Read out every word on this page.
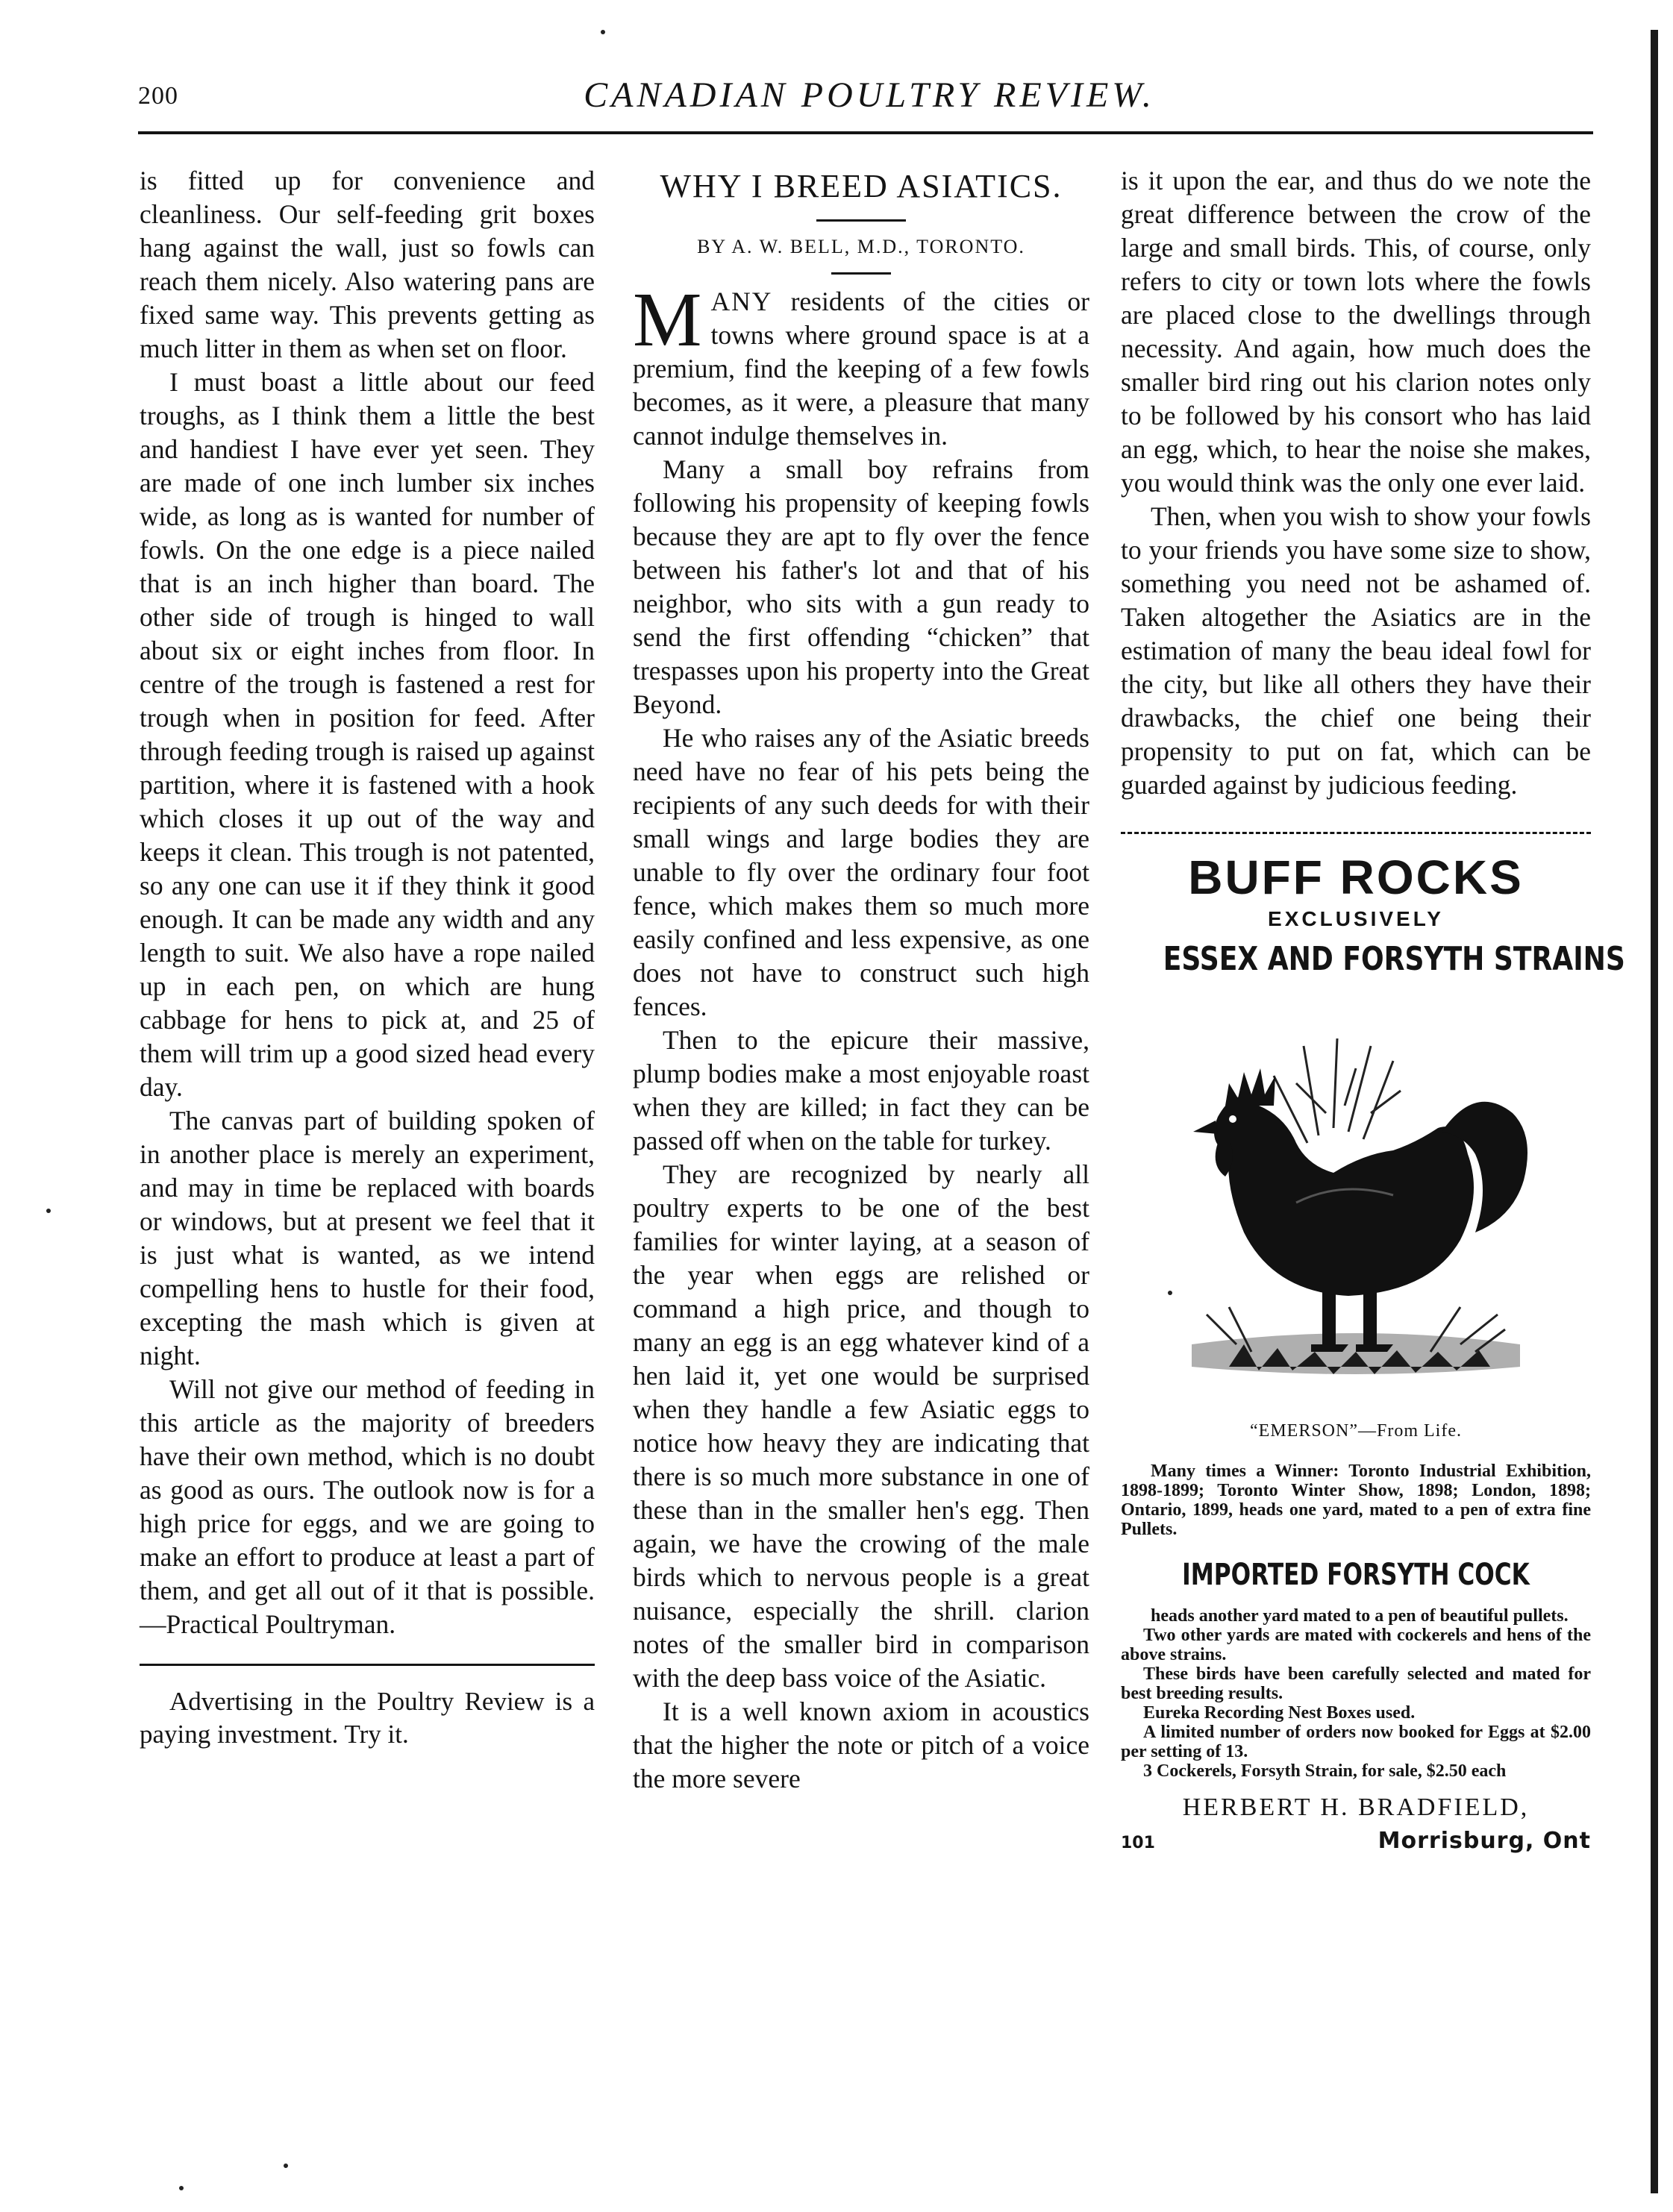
200	CANADIAN POULTRY REVIEW.

is fitted up for convenience and cleanliness. Our self-feeding grit boxes hang against the wall, just so fowls can reach them nicely. Also watering pans are fixed same way. This prevents getting as much litter in them as when set on floor.

I must boast a little about our feed troughs, as I think them a little the best and handiest I have ever yet seen. They are made of one inch lumber six inches wide, as long as is wanted for number of fowls. On the one edge is a piece nailed that is an inch higher than board. The other side of trough is hinged to wall about six or eight inches from floor. In centre of the trough is fastened a rest for trough when in position for feed. After through feeding trough is raised up against partition, where it is fastened with a hook which closes it up out of the way and keeps it clean. This trough is not patented, so any one can use it if they think it good enough. It can be made any width and any length to suit. We also have a rope nailed up in each pen, on which are hung cabbage for hens to pick at, and 25 of them will trim up a good sized head every day.

The canvas part of building spoken of in another place is merely an experiment, and may in time be replaced with boards or windows, but at present we feel that it is just what is wanted, as we intend compelling hens to hustle for their food, excepting the mash which is given at night.

Will not give our method of feeding in this article as the majority of breeders have their own method, which is no doubt as good as ours. The outlook now is for a high price for eggs, and we are going to make an effort to produce at least a part of them, and get all out of it that is possible.—Practical Poultryman.

Advertising in the Poultry Review is a paying investment. Try it.

WHY I BREED ASIATICS.
BY A. W. BELL, M.D., TORONTO.

MANY residents of the cities or towns where ground space is at a premium, find the keeping of a few fowls becomes, as it were, a pleasure that many cannot indulge themselves in.

Many a small boy refrains from following his propensity of keeping fowls because they are apt to fly over the fence between his father's lot and that of his neighbor, who sits with a gun ready to send the first offending “chicken” that trespasses upon his property into the Great Beyond.

He who raises any of the Asiatic breeds need have no fear of his pets being the recipients of any such deeds for with their small wings and large bodies they are unable to fly over the ordinary four foot fence, which makes them so much more easily confined and less expensive, as one does not have to construct such high fences.

Then to the epicure their massive, plump bodies make a most enjoyable roast when they are killed; in fact they can be passed off when on the table for turkey.

They are recognized by nearly all poultry experts to be one of the best families for winter laying, at a season of the year when eggs are relished or command a high price, and though to many an egg is an egg whatever kind of a hen laid it, yet one would be surprised when they handle a few Asiatic eggs to notice how heavy they are indicating that there is so much more substance in one of these than in the smaller hen's egg. Then again, we have the crowing of the male birds which to nervous people is a great nuisance, especially the shrill. clarion notes of the smaller bird in comparison with the deep bass voice of the Asiatic.

It is a well known axiom in acoustics that the higher the note or pitch of a voice the more severe

is it upon the ear, and thus do we note the great difference between the crow of the large and small birds. This, of course, only refers to city or town lots where the fowls are placed close to the dwellings through necessity. And again, how much does the smaller bird ring out his clarion notes only to be followed by his consort who has laid an egg, which, to hear the noise she makes, you would think was the only one ever laid.

Then, when you wish to show your fowls to your friends you have some size to show, something you need not be ashamed of. Taken altogether the Asiatics are in the estimation of many the beau ideal fowl for the city, but like all others they have their drawbacks, the chief one being their propensity to put on fat, which can be guarded against by judicious feeding.

BUFF ROCKS
EXCLUSIVELY
ESSEX AND FORSYTH STRAINS
“EMERSON”—From Life.

Many times a Winner: Toronto Industrial Exhibition, 1898-1899; Toronto Winter Show, 1898; London, 1898; Ontario, 1899, heads one yard, mated to a pen of extra fine Pullets.

IMPORTED FORSYTH COCK

heads another yard mated to a pen of beautiful pullets.

Two other yards are mated with cockerels and hens of the above strains.

These birds have been carefully selected and mated for best breeding results.

Eureka Recording Nest Boxes used.

A limited number of orders now booked for Eggs at $2.00 per setting of 13.

3 Cockerels, Forsyth Strain, for sale, $2.50 each

HERBERT H. BRADFIELD,
101	Morrisburg, Ont
